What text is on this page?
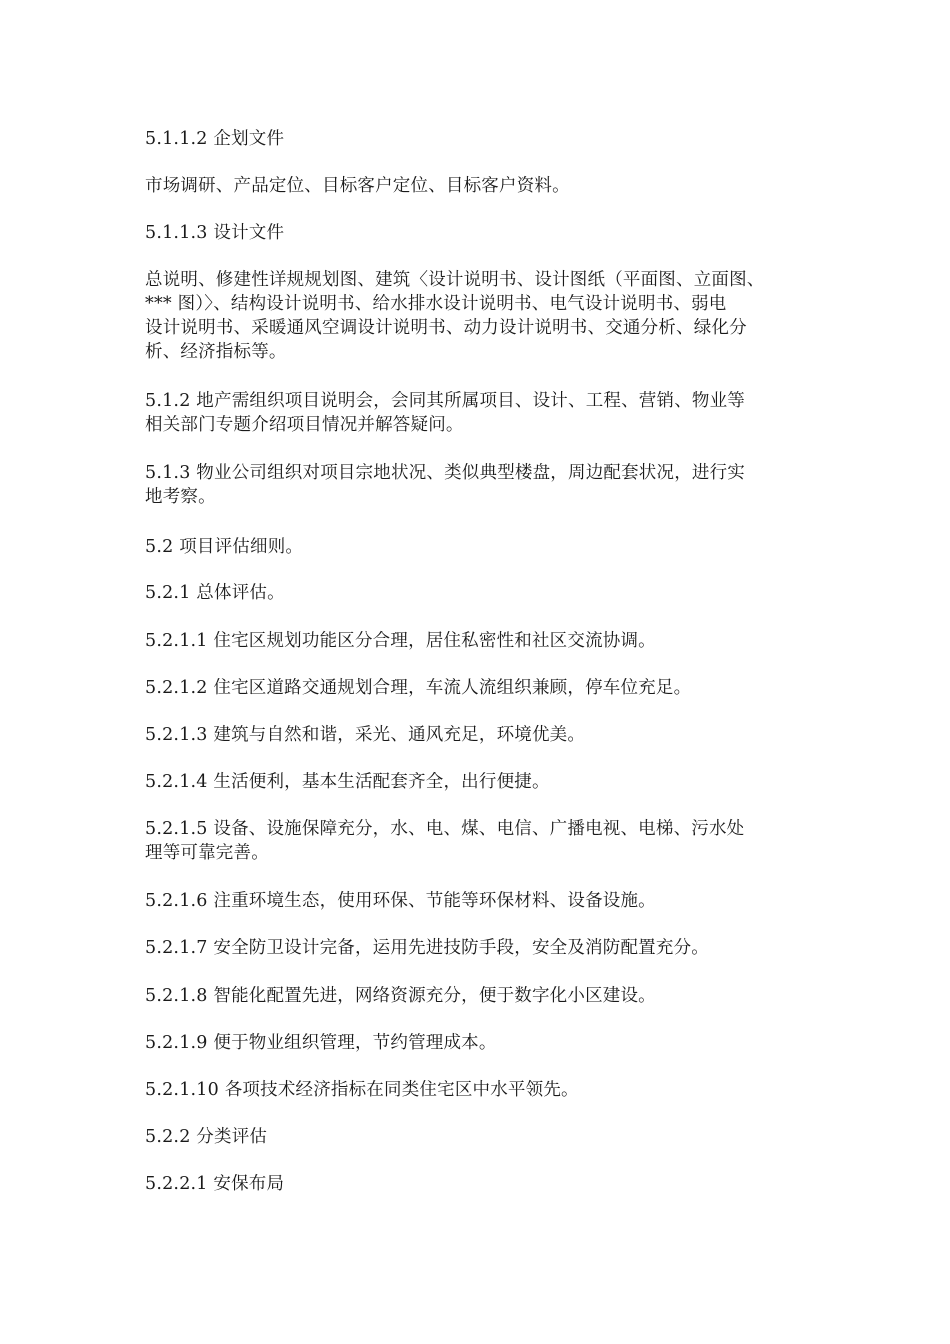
5.1.1.2 企划文件

市场调研、产品定位、目标客户定位、目标客户资料。

5.1.1.3 设计文件

总说明、修建性详规规划图、建筑〈设计说明书、设计图纸（平面图、立面图、
*** 图）〉、结构设计说明书、给水排水设计说明书、电气设计说明书、弱电
设计说明书、采暖通风空调设计说明书、动力设计说明书、交通分析、绿化分
析、经济指标等。

5.1.2 地产需组织项目说明会，会同其所属项目、设计、工程、营销、物业等
相关部门专题介绍项目情况并解答疑问。

5.1.3 物业公司组织对项目宗地状况、类似典型楼盘，周边配套状况，进行实
地考察。

5.2 项目评估细则。

5.2.1 总体评估。

5.2.1.1 住宅区规划功能区分合理，居住私密性和社区交流协调。

5.2.1.2 住宅区道路交通规划合理，车流人流组织兼顾，停车位充足。

5.2.1.3 建筑与自然和谐，采光、通风充足，环境优美。

5.2.1.4 生活便利，基本生活配套齐全，出行便捷。

5.2.1.5 设备、设施保障充分，水、电、煤、电信、广播电视、电梯、污水处
理等可靠完善。

5.2.1.6 注重环境生态，使用环保、节能等环保材料、设备设施。

5.2.1.7 安全防卫设计完备，运用先进技防手段，安全及消防配置充分。

5.2.1.8 智能化配置先进，网络资源充分，便于数字化小区建设。

5.2.1.9 便于物业组织管理，节约管理成本。

5.2.1.10 各项技术经济指标在同类住宅区中水平领先。

5.2.2 分类评估

5.2.2.1 安保布局
